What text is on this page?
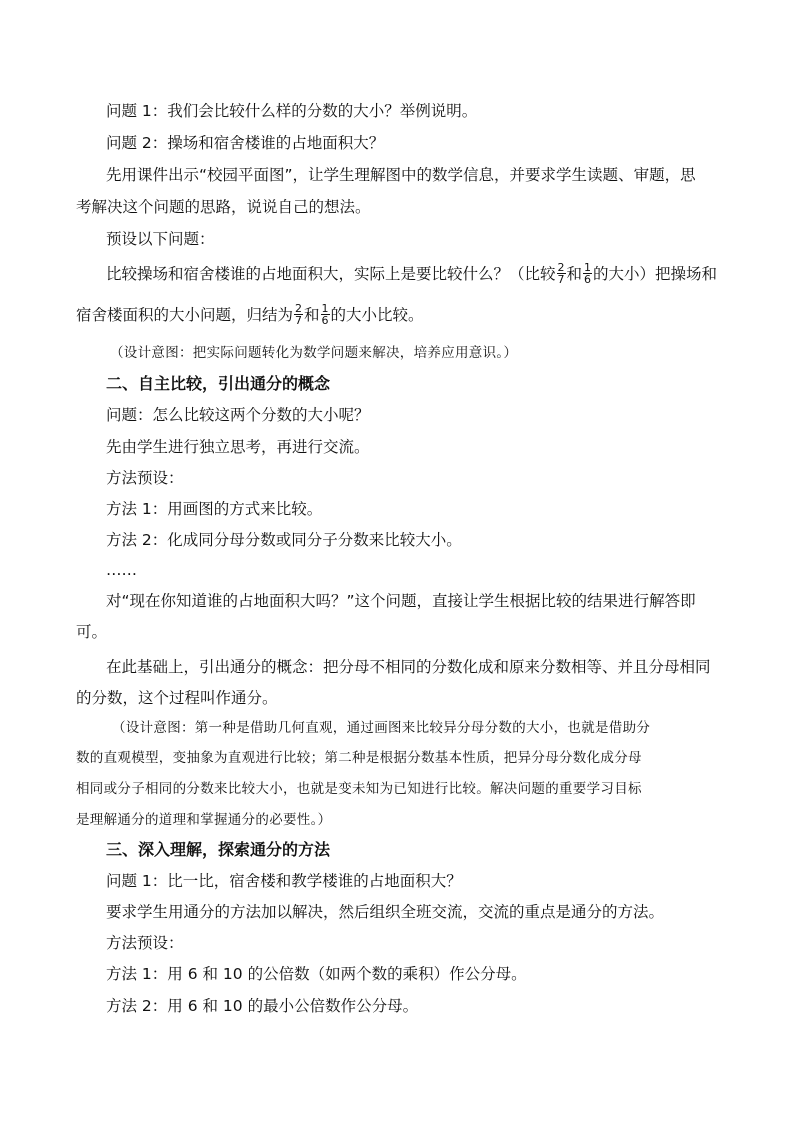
问题 1：我们会比较什么样的分数的大小？举例说明。
问题 2：操场和宿舍楼谁的占地面积大？
先用课件出示“校园平面图”，让学生理解图中的数学信息，并要求学生读题、审题，思
考解决这个问题的思路，说说自己的想法。
预设以下问题：
比较操场和宿舍楼谁的占地面积大，实际上是要比较什么？（比较 $\frac{2}{7}$ 和 $\frac{1}{6}$ 的大小）把操场和
宿舍楼面积的大小问题，归结为 $\frac{2}{7}$ 和 $\frac{1}{6}$ 的大小比较。
（设计意图：把实际问题转化为数学问题来解决，培养应用意识。）
二、自主比较，引出通分的概念
问题：怎么比较这两个分数的大小呢？
先由学生进行独立思考，再进行交流。
方法预设：
方法 1：用画图的方式来比较。
方法 2：化成同分母分数或同分子分数来比较大小。
……
对“现在你知道谁的占地面积大吗？”这个问题，直接让学生根据比较的结果进行解答即
可。
在此基础上，引出通分的概念：把分母不相同的分数化成和原来分数相等、并且分母相同
的分数，这个过程叫作通分。
（设计意图：第一种是借助几何直观，通过画图来比较异分母分数的大小，也就是借助分
数的直观模型，变抽象为直观进行比较；第二种是根据分数基本性质，把异分母分数化成分母
相同或分子相同的分数来比较大小，也就是变未知为已知进行比较。解决问题的重要学习目标
是理解通分的道理和掌握通分的必要性。）
三、深入理解，探索通分的方法
问题 1：比一比，宿舍楼和教学楼谁的占地面积大？
要求学生用通分的方法加以解决，然后组织全班交流，交流的重点是通分的方法。
方法预设：
方法 1：用 6 和 10 的公倍数（如两个数的乘积）作公分母。
方法 2：用 6 和 10 的最小公倍数作公分母。
